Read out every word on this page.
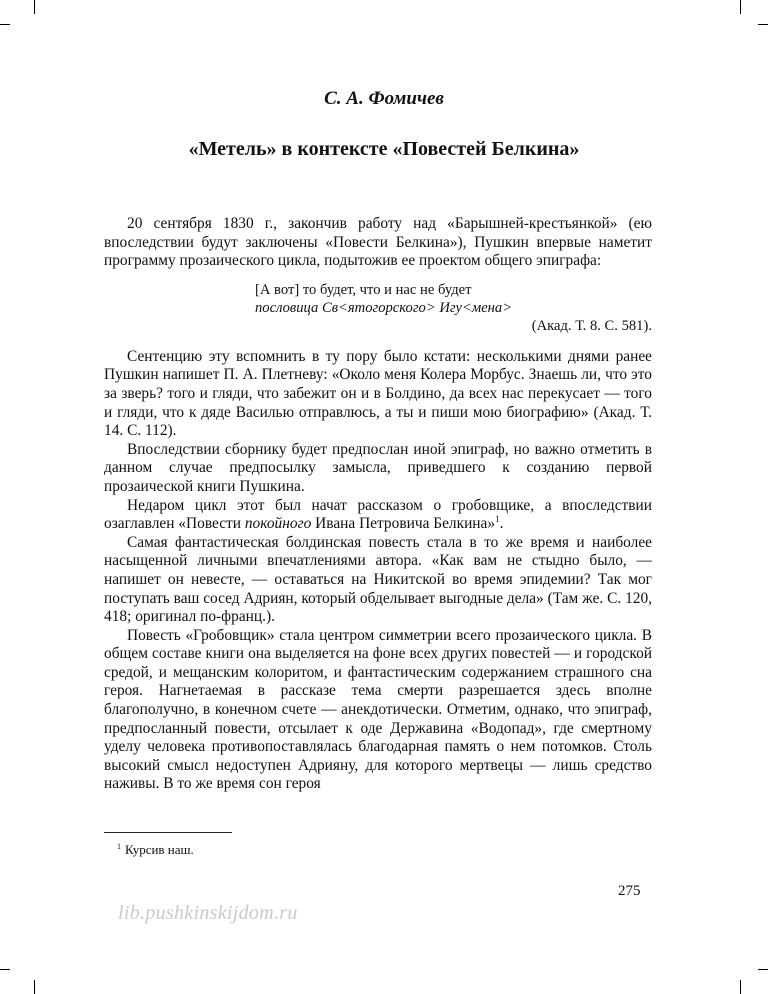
С. А. Фомичев
«Метель» в контексте «Повестей Белкина»

20 сентября 1830 г., закончив работу над «Барышней-крестьянкой» (ею впоследствии будут заключены «Повести Белкина»), Пушкин впервые наметит программу прозаического цикла, подытожив ее проектом общего эпиграфа:

[А вот] то будет, что и нас не будет
пословица Св<ятогорского> Игу<мена>
(Акад. Т. 8. С. 581).

Сентенцию эту вспомнить в ту пору было кстати: несколькими днями ранее Пушкин напишет П. А. Плетневу: «Около меня Колера Морбус. Знаешь ли, что это за зверь? того и гляди, что забежит он и в Болдино, да всех нас перекусает — того и гляди, что к дяде Василью отправлюсь, а ты и пиши мою биографию» (Акад. Т. 14. С. 112).

Впоследствии сборнику будет предпослан иной эпиграф, но важно отметить в данном случае предпосылку замысла, приведшего к созданию первой прозаической книги Пушкина.

Недаром цикл этот был начат рассказом о гробовщике, а впоследствии озаглавлен «Повести покойного Ивана Петровича Белкина»$^1$.

Самая фантастическая болдинская повесть стала в то же время и наиболее насыщенной личными впечатлениями автора. «Как вам не стыдно было, — напишет он невесте, — оставаться на Никитской во время эпидемии? Так мог поступать ваш сосед Адриян, который обделывает выгодные дела» (Там же. С. 120, 418; оригинал по-франц.).

Повесть «Гробовщик» стала центром симметрии всего прозаического цикла. В общем составе книги она выделяется на фоне всех других повестей — и городской средой, и мещанским колоритом, и фантастическим содержанием страшного сна героя. Нагнетаемая в рассказе тема смерти разрешается здесь вполне благополучно, в конечном счете — анекдотически. Отметим, однако, что эпиграф, предпосланный повести, отсылает к оде Державина «Водопад», где смертному уделу человека противопоставлялась благодарная память о нем потомков. Столь высокий смысл недоступен Адрияну, для которого мертвецы — лишь средство наживы. В то же время сон героя

$^1$ Курсив наш.
275
lib.pushkinskijdom.ru
